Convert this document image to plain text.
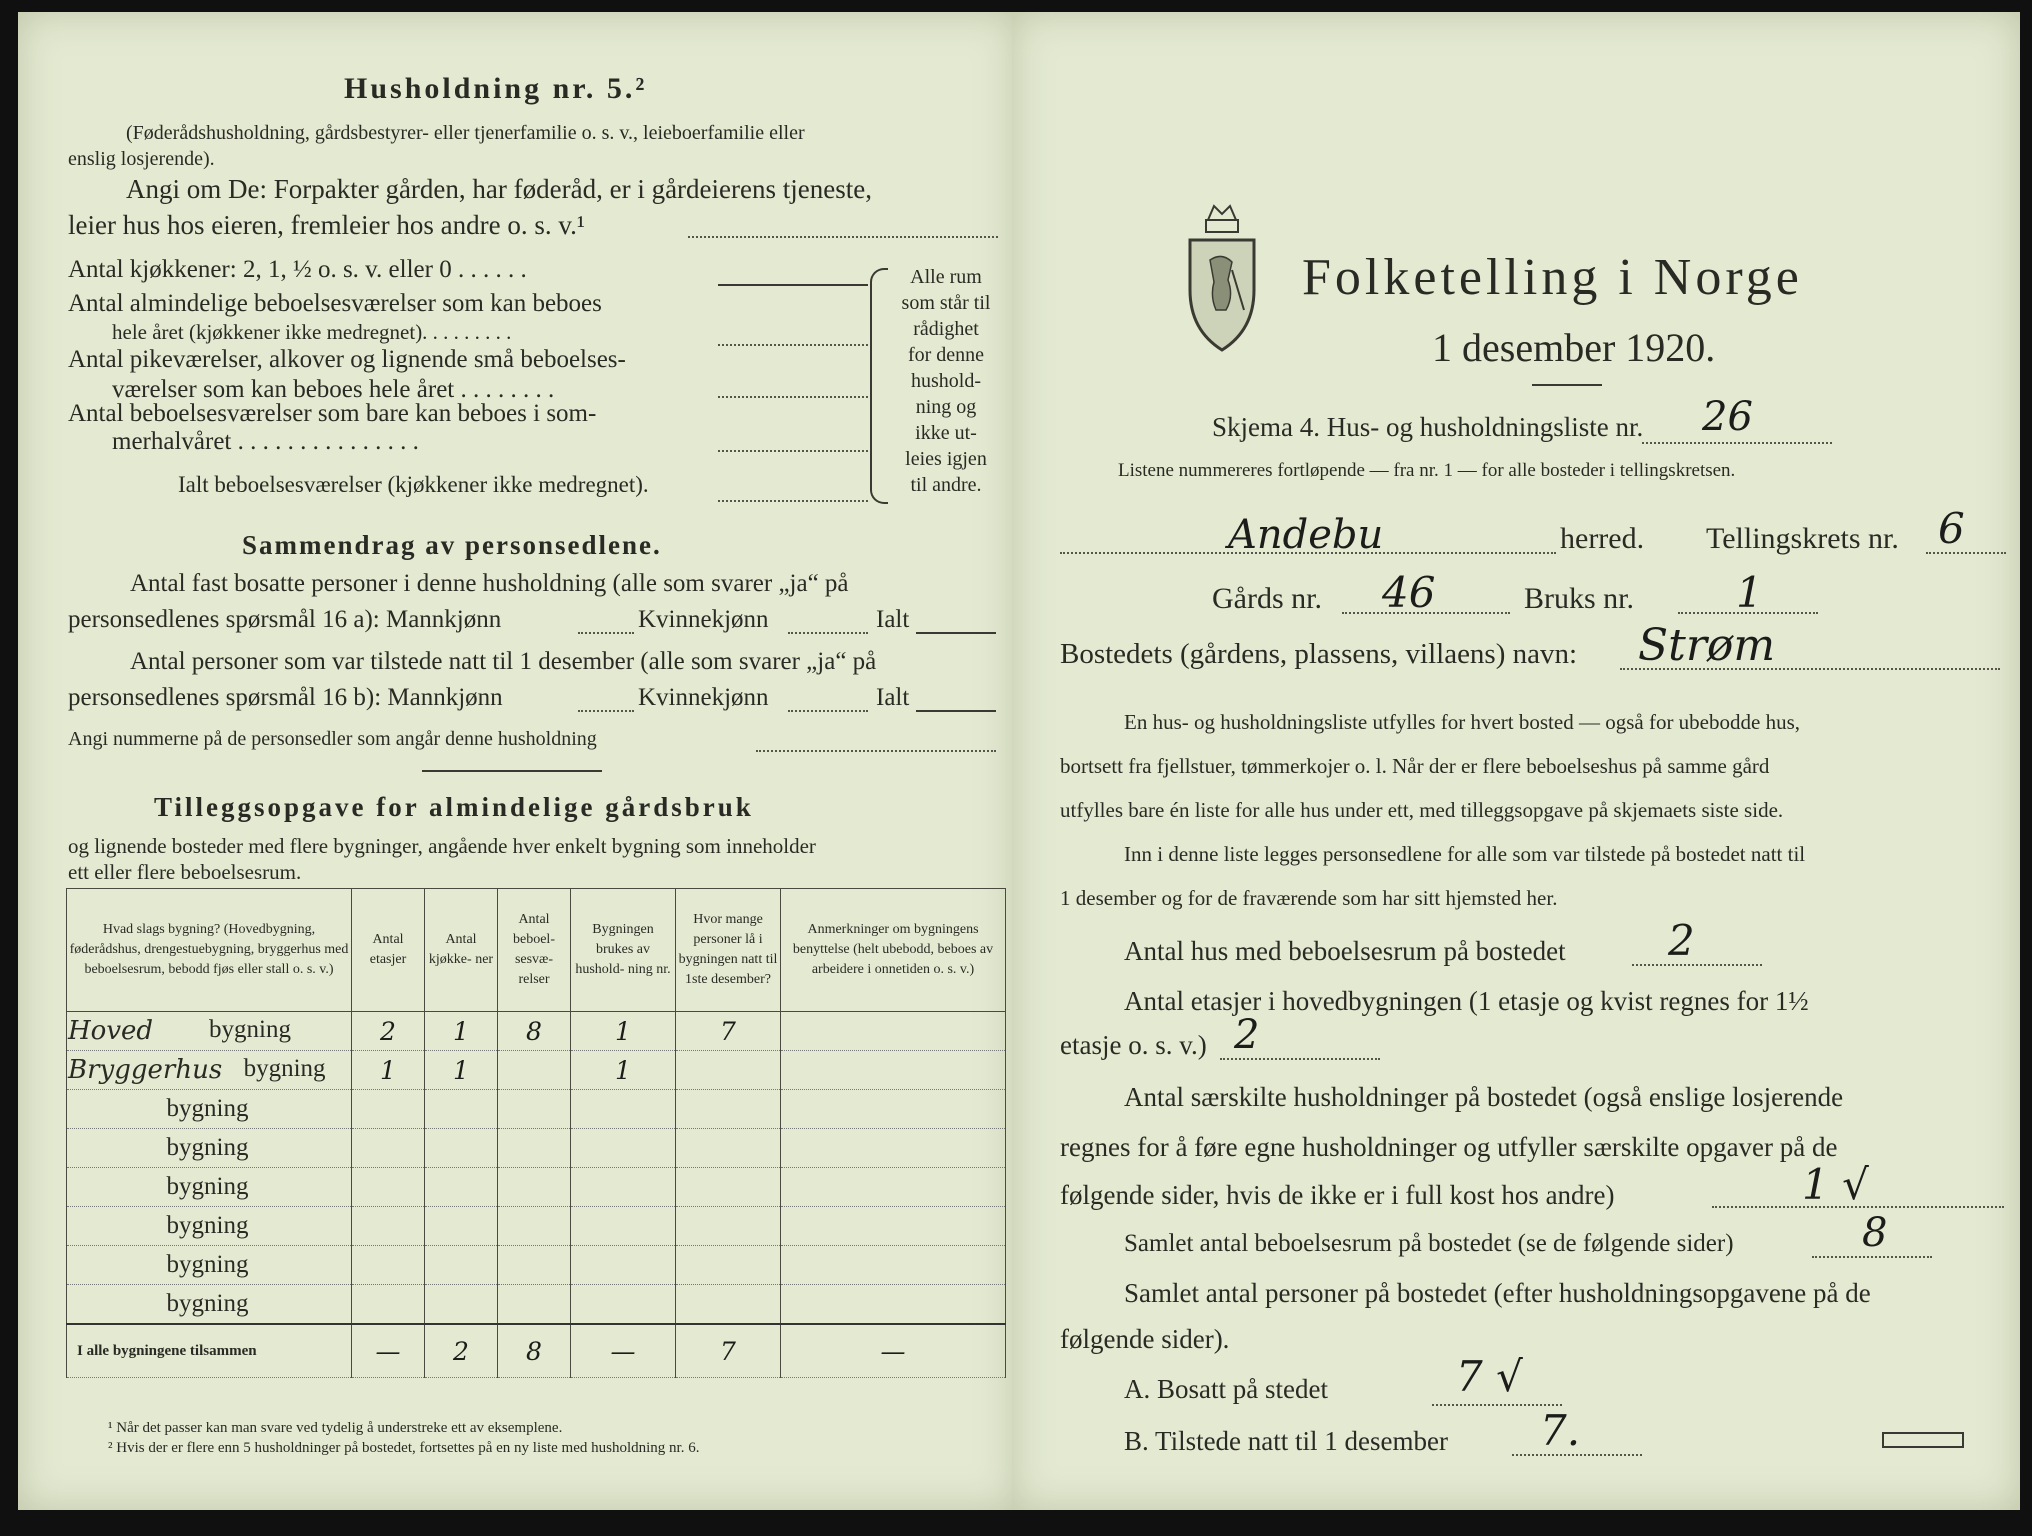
Husholdning nr. 5.²
(Føderådshusholdning, gårdsbestyrer- eller tjenerfamilie o. s. v., leieboerfamilie eller
enslig losjerende).
Angi om De: Forpakter gården, har føderåd, er i gårdeierens tjeneste,
leier hus hos eieren, fremleier hos andre o. s. v.¹
Antal kjøkkener: 2, 1, ½ o. s. v. eller 0 . . . . . .
Antal almindelige beboelsesværelser som kan beboes
hele året (kjøkkener ikke medregnet). . . . . . . . .
Antal pikeværelser, alkover og lignende små beboelses-
værelser som kan beboes hele året . . . . . . . .
Antal beboelsesværelser som bare kan beboes i som-
merhalvåret . . . . . . . . . . . . . . .
Ialt beboelsesværelser (kjøkkener ikke medregnet).
Alle rum
som står til
rådighet
for denne
hushold-
ning og
ikke ut-
leies igjen
til andre.
Sammendrag av personsedlene.
Antal fast bosatte personer i denne husholdning (alle som svarer „ja“ på
personsedlenes spørsmål 16 a): Mannkjønn	Kvinnekjønn	Ialt
Antal personer som var tilstede natt til 1 desember (alle som svarer „ja“ på
personsedlenes spørsmål 16 b): Mannkjønn	Kvinnekjønn	Ialt
Angi nummerne på de personsedler som angår denne husholdning
Tilleggsopgave for almindelige gårdsbruk
og lignende bosteder med flere bygninger, angående hver enkelt bygning som inneholder
ett eller flere beboelsesrum.
Hvad slags bygning? (Hovedbygning, føderådshus, drengestuebygning, bryggerhus med beboelsesrum, bebodd fjøs eller stall o. s. v.)	Antal etasjer	Antal kjøkke- ner	Antal beboel- sesvæ- relser	Bygningen brukes av hushold- ning nr.	Hvor mange personer lå i bygningen natt til 1ste desember?	Anmerkninger om bygningens benyttelse (helt ubebodd, beboes av arbeidere i onnetiden o. s. v.)

Hoved bygning	2	1	8	1	7	

Bryggerhus bygning	1	1		1		
bygning						
bygning						
bygning						
bygning						
bygning						
bygning						
I alle bygningene tilsammen	—	2	8	—	7	—
¹ Når det passer kan man svare ved tydelig å understreke ett av eksemplene.
² Hvis der er flere enn 5 husholdninger på bostedet, fortsettes på en ny liste med husholdning nr. 6.
Folketelling i Norge
1 desember 1920.
Skjema 4. Hus- og husholdningsliste nr. 26
Listene nummereres fortløpende — fra nr. 1 — for alle bosteder i tellingskretsen.
Andebu	herred. Tellingskrets nr. 6
Gårds nr. 46	Bruks nr. 1
Bostedets (gårdens, plassens, villaens) navn: Strøm
En hus- og husholdningsliste utfylles for hvert bosted — også for ubebodde hus,
bortsett fra fjellstuer, tømmerkojer o. l. Når der er flere beboelseshus på samme gård
utfylles bare én liste for alle hus under ett, med tilleggsopgave på skjemaets siste side.
Inn i denne liste legges personsedlene for alle som var tilstede på bostedet natt til
1 desember og for de fraværende som har sitt hjemsted her.
Antal hus med beboelsesrum på bostedet 2
Antal etasjer i hovedbygningen (1 etasje og kvist regnes for 1½
etasje o. s. v.) 2
Antal særskilte husholdninger på bostedet (også enslige losjerende
regnes for å føre egne husholdninger og utfyller særskilte opgaver på de
følgende sider, hvis de ikke er i full kost hos andre)	1 √
Samlet antal beboelsesrum på bostedet (se de følgende sider)	8
Samlet antal personer på bostedet (efter husholdningsopgavene på de
følgende sider).
A. Bosatt på stedet	7 √
B. Tilstede natt til 1 desember 7.
